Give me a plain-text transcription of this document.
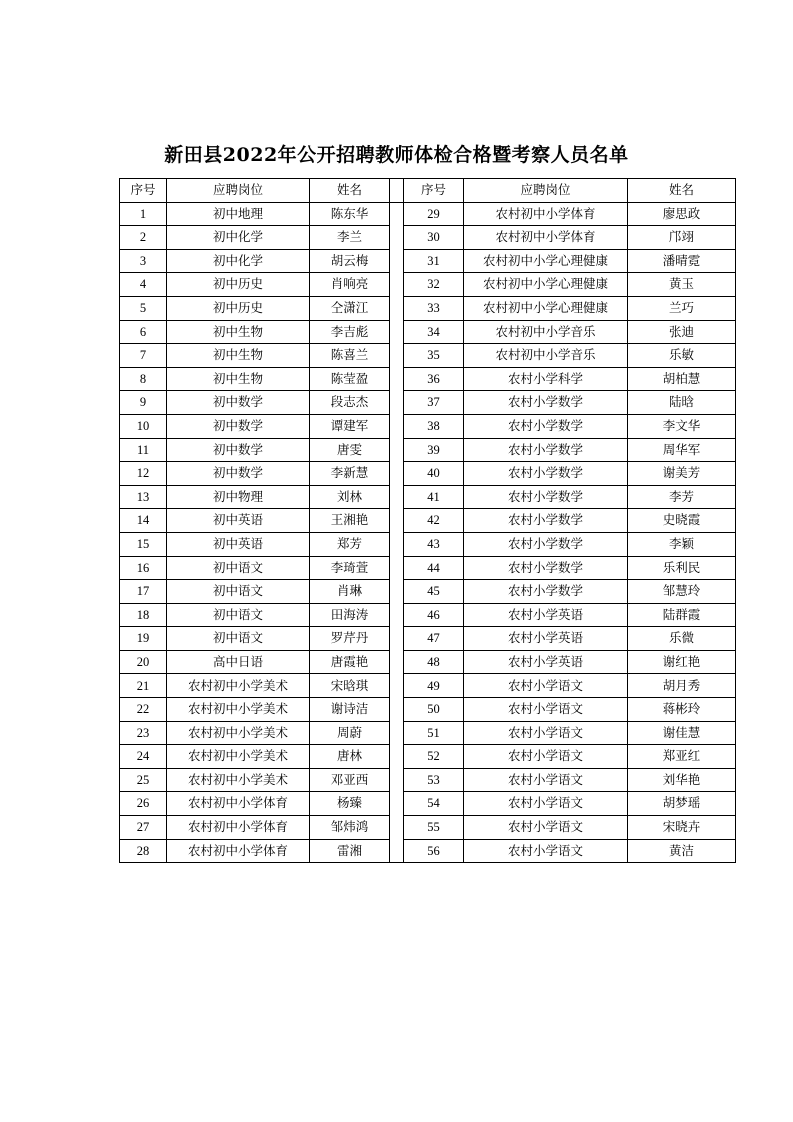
新田县2022年公开招聘教师体检合格暨考察人员名单
序号	应聘岗位	姓名		序号	应聘岗位	姓名
1	初中地理	陈东华		29	农村初中小学体育	廖思政
2	初中化学	李兰		30	农村初中小学体育	邝翊
3	初中化学	胡云梅		31	农村初中小学心理健康	潘晴霓
4	初中历史	肖响亮		32	农村初中小学心理健康	黄玉
5	初中历史	仝潇江		33	农村初中小学心理健康	兰巧
6	初中生物	李吉彪		34	农村初中小学音乐	张迪
7	初中生物	陈喜兰		35	农村初中小学音乐	乐敏
8	初中生物	陈莹盈		36	农村小学科学	胡柏慧
9	初中数学	段志杰		37	农村小学数学	陆晗
10	初中数学	谭建军		38	农村小学数学	李文华
11	初中数学	唐雯		39	农村小学数学	周华军
12	初中数学	李新慧		40	农村小学数学	谢美芳
13	初中物理	刘林		41	农村小学数学	李芳
14	初中英语	王湘艳		42	农村小学数学	史晓霞
15	初中英语	郑芳		43	农村小学数学	李颖
16	初中语文	李琦萱		44	农村小学数学	乐利民
17	初中语文	肖琳		45	农村小学数学	邹慧玲
18	初中语文	田海涛		46	农村小学英语	陆群霞
19	初中语文	罗芹丹		47	农村小学英语	乐微
20	高中日语	唐霞艳		48	农村小学英语	谢红艳
21	农村初中小学美术	宋晗琪		49	农村小学语文	胡月秀
22	农村初中小学美术	谢诗洁		50	农村小学语文	蒋彬玲
23	农村初中小学美术	周蔚		51	农村小学语文	谢佳慧
24	农村初中小学美术	唐林		52	农村小学语文	郑亚红
25	农村初中小学美术	邓亚西		53	农村小学语文	刘华艳
26	农村初中小学体育	杨臻		54	农村小学语文	胡梦瑶
27	农村初中小学体育	邹炜鸿		55	农村小学语文	宋晓卉
28	农村初中小学体育	雷湘		56	农村小学语文	黄洁
